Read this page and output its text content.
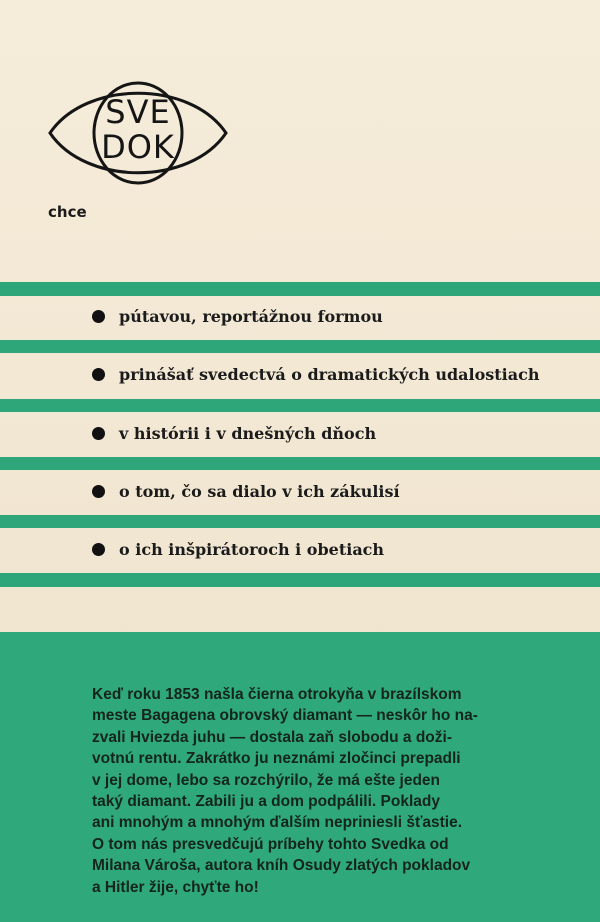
SVE
DOK
chce
pútavou, reportážnou formou
prinášať svedectvá o dramatických udalostiach
v histórii i v dnešných dňoch
o tom, čo sa dialo v ich zákulisí
o ich inšpirátoroch i obetiach
Keď roku 1853 našla čierna otrokyňa v brazílskom
meste Bagagena obrovský diamant — neskôr ho na-
zvali Hviezda juhu — dostala zaň slobodu a doži-
votnú rentu. Zakrátko ju neznámi zločinci prepadli
v jej dome, lebo sa rozchýrilo, že má ešte jeden
taký diamant. Zabili ju a dom podpálili. Poklady
ani mnohým a mnohým ďalším nepriniesli šťastie.
O tom nás presvedčujú príbehy tohto Svedka od
Milana Vároša, autora kníh Osudy zlatých pokladov
a Hitler žije, chyťte ho!
